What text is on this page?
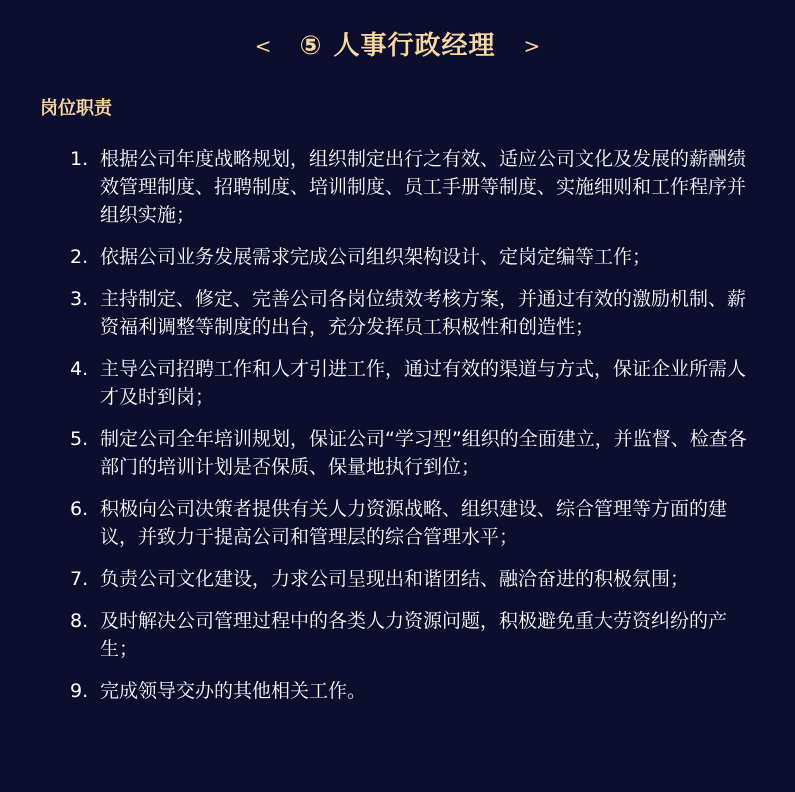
< ⑤ 人事行政经理	>
岗位职责
1. 根据公司年度战略规划，组织制定出行之有效、适应公司文化及发展的薪酬绩效管理制度、招聘制度、培训制度、员工手册等制度、实施细则和工作程序并组织实施；
2. 依据公司业务发展需求完成公司组织架构设计、定岗定编等工作；
3. 主持制定、修定、完善公司各岗位绩效考核方案，并通过有效的激励机制、薪资福利调整等制度的出台，充分发挥员工积极性和创造性；
4. 主导公司招聘工作和人才引进工作，通过有效的渠道与方式，保证企业所需人才及时到岗；
5. 制定公司全年培训规划，保证公司“学习型”组织的全面建立，并监督、检查各部门的培训计划是否保质、保量地执行到位；
6. 积极向公司决策者提供有关人力资源战略、组织建设、综合管理等方面的建议，并致力于提高公司和管理层的综合管理水平；
7. 负责公司文化建设，力求公司呈现出和谐团结、融洽奋进的积极氛围；
8. 及时解决公司管理过程中的各类人力资源问题，积极避免重大劳资纠纷的产生；
9. 完成领导交办的其他相关工作。
